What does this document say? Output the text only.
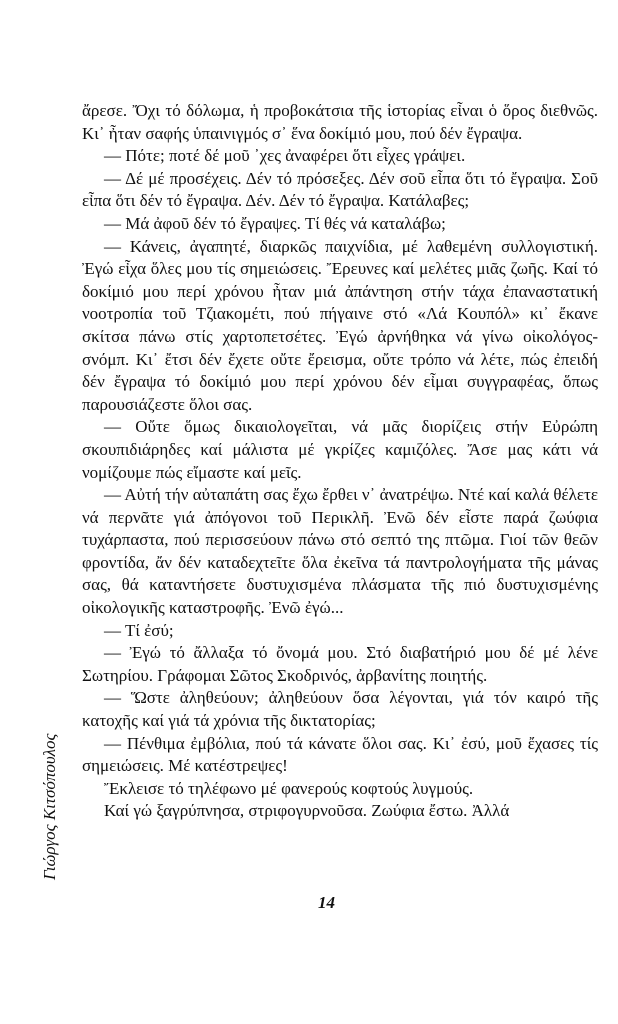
ἄρεσε. Ὄχι τό δόλωμα, ἡ προβοκάτσια τῆς ἱστορίας εἶναι ὁ ὅρος διεθνῶς. Κι᾿ ἦταν σαφής ὑπαινιγμός σ᾿ ἕνα δοκίμιό μου, πού δέν ἔγραψα.

— Πότε; ποτέ δέ μοῦ ᾿χες ἀναφέρει ὅτι εἶχες γράψει.

— Δέ μέ προσέχεις. Δέν τό πρόσεξες. Δέν σοῦ εἶπα ὅτι τό ἔγραψα. Σοῦ εἶπα ὅτι δέν τό ἔγραψα. Δέν. Δέν τό ἔγραψα. Κατάλαβες;

— Μά ἀφοῦ δέν τό ἔγραψες. Τί θές νά καταλάβω;

— Κάνεις, ἀγαπητέ, διαρκῶς παιχνίδια, μέ λαθεμένη συλλογιστική. Ἐγώ εἶχα ὅλες μου τίς σημειώσεις. Ἔρευνες καί μελέτες μιᾶς ζωῆς. Καί τό δοκίμιό μου περί χρόνου ἦταν μιά ἀπάντηση στήν τάχα ἐπαναστατική νοοτροπία τοῦ Τζιακομέτι, πού πήγαινε στό «Λά Κουπόλ» κι᾿ ἔκανε σκίτσα πάνω στίς χαρτοπετσέτες. Ἐγώ ἀρνήθηκα νά γίνω οἰκολόγος-σνόμπ. Κι᾿ ἔτσι δέν ἔχετε οὔτε ἔρεισμα, οὔτε τρόπο νά λέτε, πώς ἐπειδή δέν ἔγραψα τό δοκίμιό μου περί χρόνου δέν εἶμαι συγγραφέας, ὅπως παρουσιάζεστε ὅλοι σας.

— Οὔτε ὅμως δικαιολογεῖται, νά μᾶς διορίζεις στήν Εὐρώπη σκουπιδιάρηδες καί μάλιστα μέ γκρίζες καμιζόλες. Ἄσε μας κάτι νά νομίζουμε πώς εἴμαστε καί μεῖς.

— Αὐτή τήν αὐταπάτη σας ἔχω ἔρθει ν᾿ ἀνατρέψω. Ντέ καί καλά θέλετε νά περνᾶτε γιά ἀπόγονοι τοῦ Περικλῆ. Ἐνῶ δέν εἶστε παρά ζωύφια τυχάρπαστα, πού περισσεύουν πάνω στό σεπτό της πτῶμα. Γιοί τῶν θεῶν φροντίδα, ἄν δέν καταδεχτεῖτε ὅλα ἐκεῖνα τά παντρολογήματα τῆς μάνας σας, θά καταντήσετε δυστυχισμένα πλάσματα τῆς πιό δυστυχισμένης οἰκολογικῆς καταστροφῆς. Ἐνῶ ἐγώ...

— Τί ἐσύ;

— Ἐγώ τό ἄλλαξα τό ὄνομά μου. Στό διαβατήριό μου δέ μέ λένε Σωτηρίου. Γράφομαι Σῶτος Σκοδρινός, ἀρβανίτης ποιητής.

— Ὥστε ἀληθεύουν; ἀληθεύουν ὅσα λέγονται, γιά τόν καιρό τῆς κατοχῆς καί γιά τά χρόνια τῆς δικτατορίας;

— Πένθιμα ἐμβόλια, πού τά κάνατε ὅλοι σας. Κι᾿ ἐσύ, μοῦ ἔχασες τίς σημειώσεις. Μέ κατέστρεψες!

Ἔκλεισε τό τηλέφωνο μέ φανερούς κοφτούς λυγμούς.

Καί γώ ξαγρύπνησα, στριφογυρνοῦσα. Ζωύφια ἔστω. Ἀλλά

Γιώργος Κιτσόπουλος
14
